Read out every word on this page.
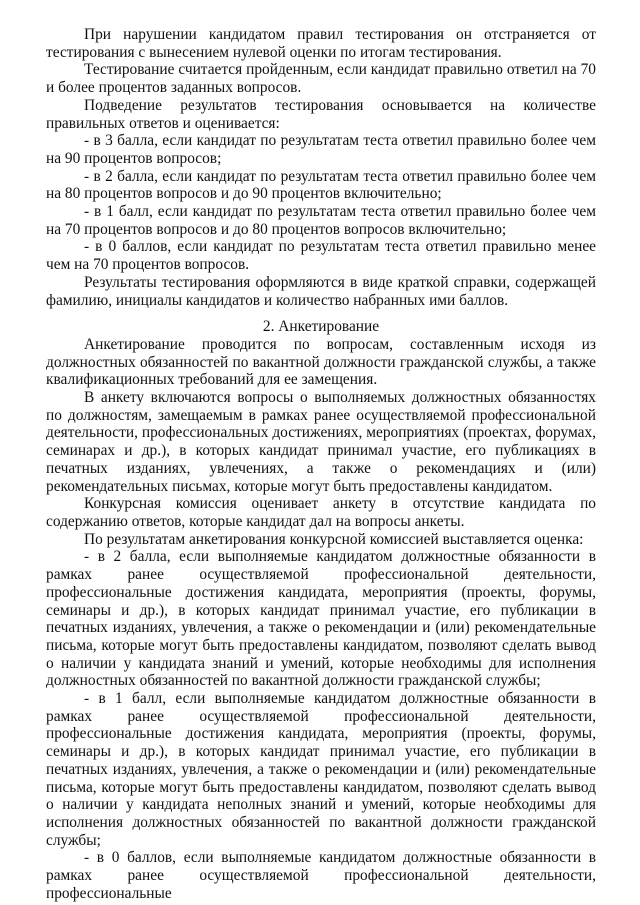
При нарушении кандидатом правил тестирования он отстраняется от тестирования с вынесением нулевой оценки по итогам тестирования.

Тестирование считается пройденным, если кандидат правильно ответил на 70 и более процентов заданных вопросов.

Подведение результатов тестирования основывается на количестве правильных ответов и оценивается:

- в 3 балла, если кандидат по результатам теста ответил правильно более чем на 90 процентов вопросов;

- в 2 балла, если кандидат по результатам теста ответил правильно более чем на 80 процентов вопросов и до 90 процентов включительно;

- в 1 балл, если кандидат по результатам теста ответил правильно более чем на 70 процентов вопросов и до 80 процентов вопросов включительно;

- в 0 баллов, если кандидат по результатам теста ответил правильно менее чем на 70 процентов вопросов.

Результаты тестирования оформляются в виде краткой справки, содержащей фамилию, инициалы кандидатов и количество набранных ими баллов.

2. Анкетирование

Анкетирование проводится по вопросам, составленным исходя из должностных обязанностей по вакантной должности гражданской службы, а также квалификационных требований для ее замещения.

В анкету включаются вопросы о выполняемых должностных обязанностях по должностям, замещаемым в рамках ранее осуществляемой профессиональной деятельности, профессиональных достижениях, мероприятиях (проектах, форумах, семинарах и др.), в которых кандидат принимал участие, его публикациях в печатных изданиях, увлечениях, а также о рекомендациях и (или) рекомендательных письмах, которые могут быть предоставлены кандидатом.

Конкурсная комиссия оценивает анкету в отсутствие кандидата по содержанию ответов, которые кандидат дал на вопросы анкеты.

По результатам анкетирования конкурсной комиссией выставляется оценка:

- в 2 балла, если выполняемые кандидатом должностные обязанности в рамках ранее осуществляемой профессиональной деятельности, профессиональные достижения кандидата, мероприятия (проекты, форумы, семинары и др.), в которых кандидат принимал участие, его публикации в печатных изданиях, увлечения, а также о рекомендации и (или) рекомендательные письма, которые могут быть предоставлены кандидатом, позволяют сделать вывод о наличии у кандидата знаний и умений, которые необходимы для исполнения должностных обязанностей по вакантной должности гражданской службы;

- в 1 балл, если выполняемые кандидатом должностные обязанности в рамках ранее осуществляемой профессиональной деятельности, профессиональные достижения кандидата, мероприятия (проекты, форумы, семинары и др.), в которых кандидат принимал участие, его публикации в печатных изданиях, увлечения, а также о рекомендации и (или) рекомендательные письма, которые могут быть предоставлены кандидатом, позволяют сделать вывод о наличии у кандидата неполных знаний и умений, которые необходимы для исполнения должностных обязанностей по вакантной должности гражданской службы;

- в 0 баллов, если выполняемые кандидатом должностные обязанности в рамках ранее осуществляемой профессиональной деятельности, профессиональные
